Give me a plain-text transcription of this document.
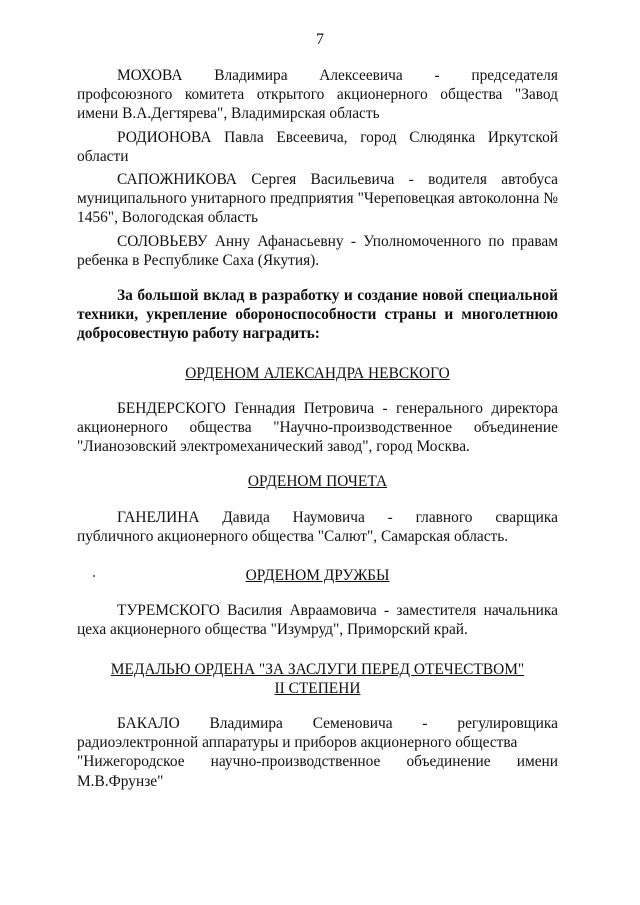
7
МОХОВА Владимира Алексеевича - председателя

профсоюзного комитета открытого акционерного общества "Завод имени В.А.Дегтярева", Владимирская область

РОДИОНОВА Павла Евсеевича, город Слюдянка Иркутской области

САПОЖНИКОВА Сергея Васильевича - водителя автобуса муниципального унитарного предприятия "Череповецкая автоколонна № 1456", Вологодская область

СОЛОВЬЕВУ Анну Афанасьевну - Уполномоченного по правам ребенка в Республике Саха (Якутия).

За большой вклад в разработку и создание новой специальной техники, укрепление обороноспособности страны и многолетнюю добросовестную работу наградить:

ОРДЕНОМ АЛЕКСАНДРА НЕВСКОГО

БЕНДЕРСКОГО Геннадия Петровича - генерального директора акционерного общества "Научно-производственное объединение "Лианозовский электромеханический завод", город Москва.

ОРДЕНОМ ПОЧЕТА

ГАНЕЛИНА Давида Наумовича - главного сварщика
публичного акционерного общества "Салют", Самарская область.

ОРДЕНОМ ДРУЖБЫ

ТУРЕМСКОГО Василия Авраамовича - заместителя начальника цеха акционерного общества "Изумруд", Приморский край.

МЕДАЛЬЮ ОРДЕНА "ЗА ЗАСЛУГИ ПЕРЕД ОТЕЧЕСТВОМ"

II СТЕПЕНИ

БАКАЛО Владимира Семеновича - регулировщика
радиоэлектронной аппаратуры и приборов акционерного общества
"Нижегородское научно-производственное объединение имени
М.В.Фрунзе"
